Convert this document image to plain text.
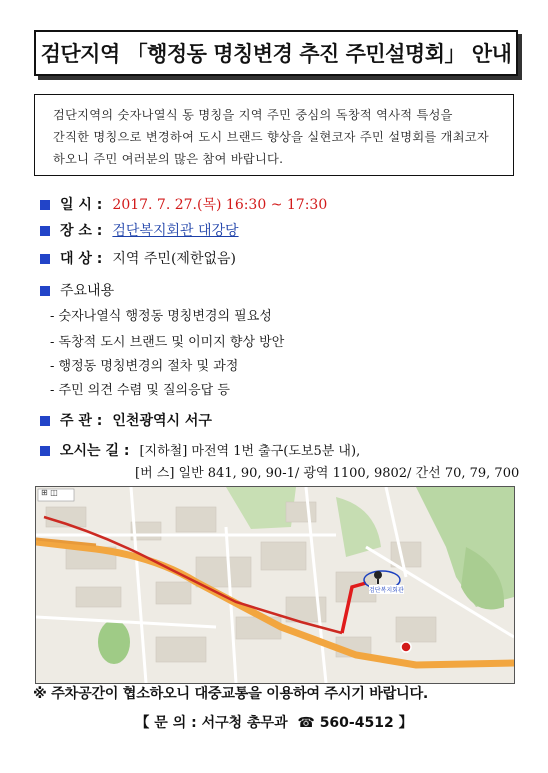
검단지역 「행정동 명칭변경 추진 주민설명회」 안내
검단지역의 숫자나열식 동 명칭을 지역 주민 중심의 독창적 역사적 특성을
간직한 명칭으로 변경하여 도시 브랜드 향상을 실현코자 주민 설명회를 개최코자
하오니 주민 여러분의 많은 참여 바랍니다.
일 시 : 2017. 7. 27.(목) 16:30 ~ 17:30
장 소 : 검단복지회관 대강당
대 상 : 지역 주민(제한없음)
주요내용
- 숫자나열식 행정동 명칭변경의 필요성
- 독창적 도시 브랜드 및 이미지 향상 방안
- 행정동 명칭변경의 절차 및 과정
- 주민 의견 수렴 및 질의응답 등
주 관 : 인천광역시 서구
오시는 길 : [지하철] 마전역 1번 출구(도보5분 내),
[버 스] 일반 841, 90, 90-1/ 광역 1100, 9802/ 간선 70, 79, 700
⊞ ◫
검단복지회관
※ 주차공간이 협소하오니 대중교통을 이용하여 주시기 바랍니다.
【 문 의 : 서구청 총무과 ☎ 560-4512 】
